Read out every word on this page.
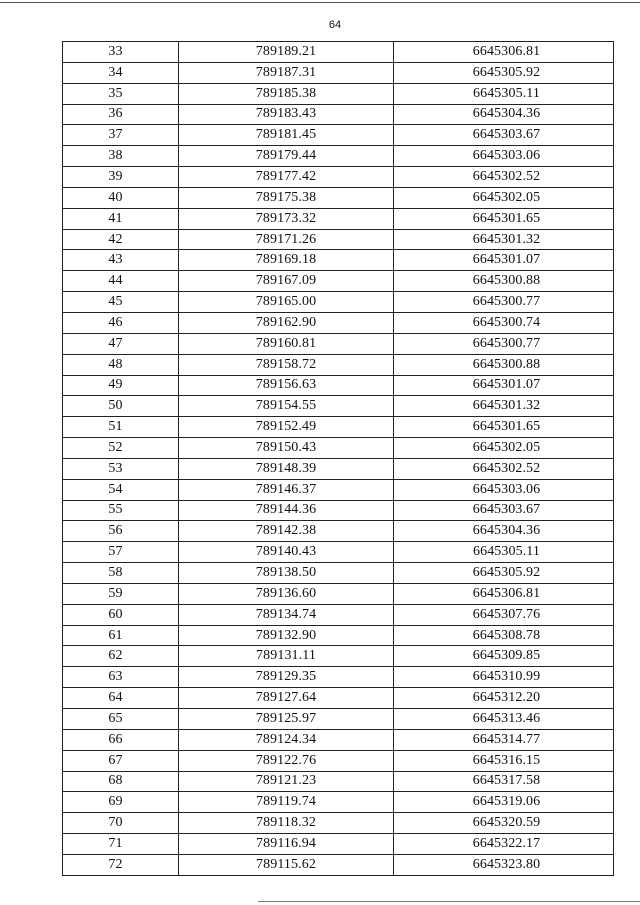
64
33	789189.21	6645306.81
34	789187.31	6645305.92
35	789185.38	6645305.11
36	789183.43	6645304.36
37	789181.45	6645303.67
38	789179.44	6645303.06
39	789177.42	6645302.52
40	789175.38	6645302.05
41	789173.32	6645301.65
42	789171.26	6645301.32
43	789169.18	6645301.07
44	789167.09	6645300.88
45	789165.00	6645300.77
46	789162.90	6645300.74
47	789160.81	6645300.77
48	789158.72	6645300.88
49	789156.63	6645301.07
50	789154.55	6645301.32
51	789152.49	6645301.65
52	789150.43	6645302.05
53	789148.39	6645302.52
54	789146.37	6645303.06
55	789144.36	6645303.67
56	789142.38	6645304.36
57	789140.43	6645305.11
58	789138.50	6645305.92
59	789136.60	6645306.81
60	789134.74	6645307.76
61	789132.90	6645308.78
62	789131.11	6645309.85
63	789129.35	6645310.99
64	789127.64	6645312.20
65	789125.97	6645313.46
66	789124.34	6645314.77
67	789122.76	6645316.15
68	789121.23	6645317.58
69	789119.74	6645319.06
70	789118.32	6645320.59
71	789116.94	6645322.17
72	789115.62	6645323.80
